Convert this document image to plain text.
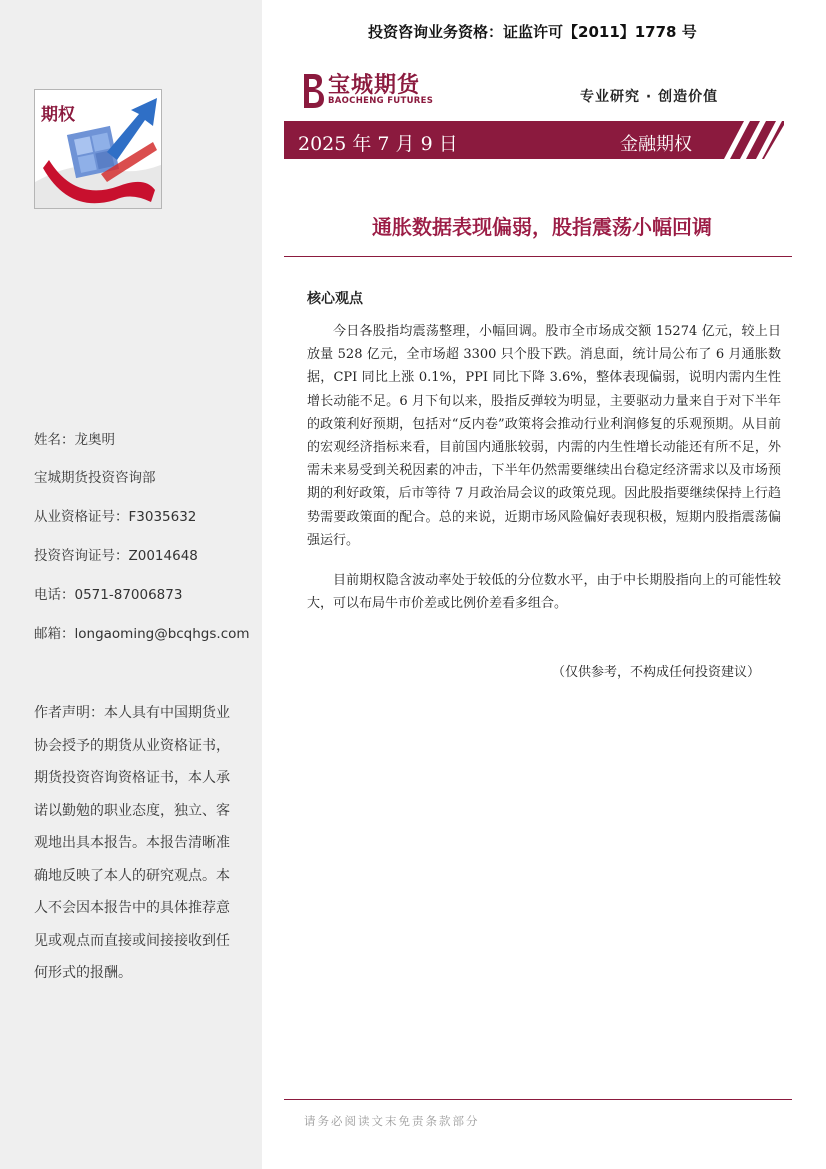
期权
姓名：龙奥明
宝城期货投资咨询部
从业资格证号：F3035632
投资咨询证号：Z0014648
电话：0571-87006873
邮箱：longaoming@bcqhgs.com
作者声明：本人具有中国期货业协会授予的期货从业资格证书，期货投资咨询资格证书，本人承诺以勤勉的职业态度，独立、客观地出具本报告。本报告清晰准确地反映了本人的研究观点。本人不会因本报告中的具体推荐意见或观点而直接或间接接收到任何形式的报酬。
投资咨询业务资格：证监许可【2011】1778 号
宝城期货
BAOCHENG FUTURES	专业研究 · 创造价值
2025 年 7 月 9 日	金融期权
通胀数据表现偏弱，股指震荡小幅回调
核心观点

今日各股指均震荡整理，小幅回调。股市全市场成交额 15274 亿元，较上日放量 528 亿元，全市场超 3300 只个股下跌。消息面，统计局公布了 6 月通胀数据，CPI 同比上涨 0.1%，PPI 同比下降 3.6%，整体表现偏弱，说明内需内生性增长动能不足。6 月下旬以来，股指反弹较为明显，主要驱动力量来自于对下半年的政策利好预期，包括对“反内卷”政策将会推动行业利润修复的乐观预期。从目前的宏观经济指标来看，目前国内通胀较弱，内需的内生性增长动能还有所不足，外需未来易受到关税因素的冲击，下半年仍然需要继续出台稳定经济需求以及市场预期的利好政策，后市等待 7 月政治局会议的政策兑现。因此股指要继续保持上行趋势需要政策面的配合。总的来说，近期市场风险偏好表现积极，短期内股指震荡偏强运行。

目前期权隐含波动率处于较低的分位数水平，由于中长期股指向上的可能性较大，可以布局牛市价差或比例价差看多组合。

（仅供参考，不构成任何投资建议）
请务必阅读文末免责条款部分
